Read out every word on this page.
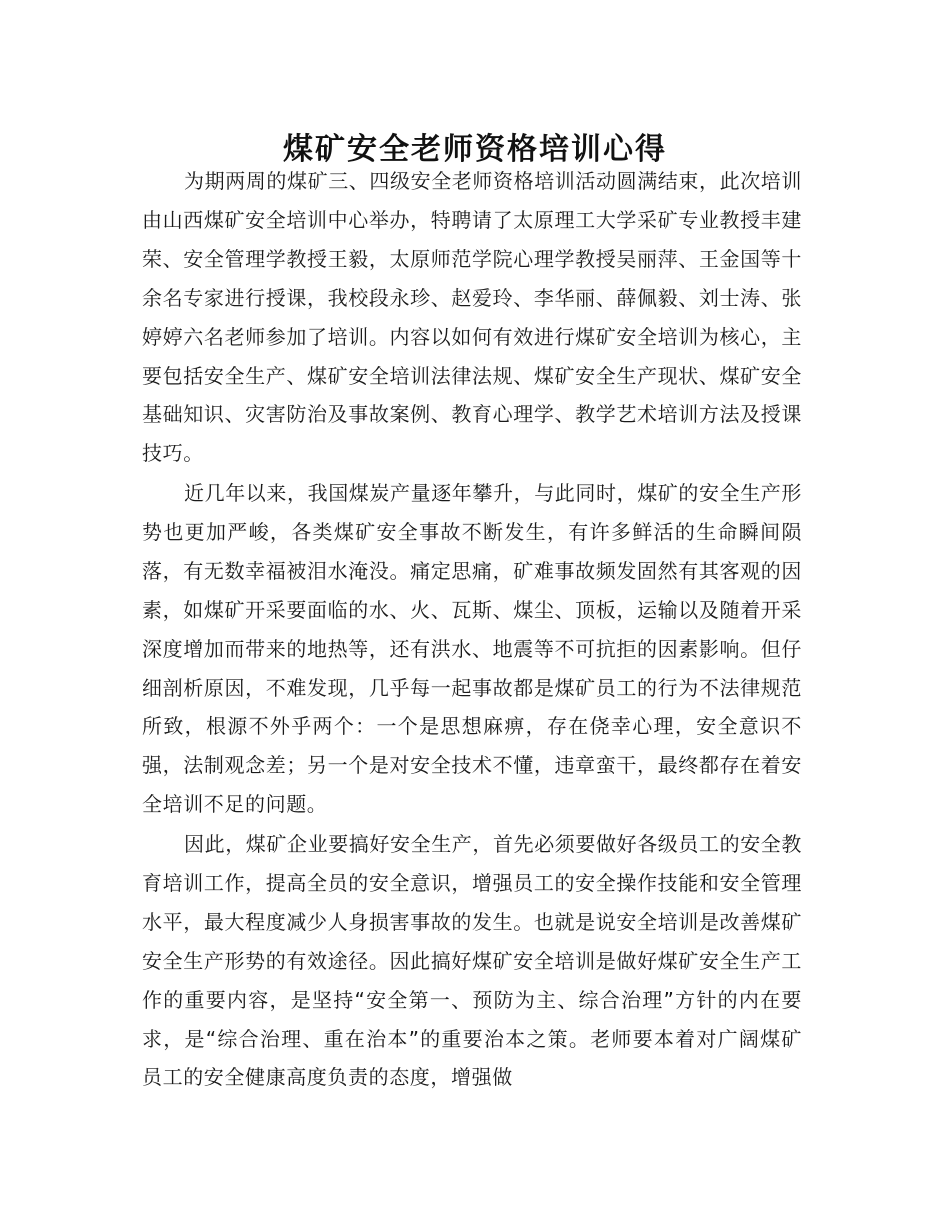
煤矿安全老师资格培训心得

为期两周的煤矿三、四级安全老师资格培训活动圆满结束，此次培训由山西煤矿安全培训中心举办，特聘请了太原理工大学采矿专业教授丰建荣、安全管理学教授王毅，太原师范学院心理学教授吴丽萍、王金国等十余名专家进行授课，我校段永珍、赵爱玲、李华丽、薛佩毅、刘士涛、张婷婷六名老师参加了培训。内容以如何有效进行煤矿安全培训为核心，主要包括安全生产、煤矿安全培训法律法规、煤矿安全生产现状、煤矿安全基础知识、灾害防治及事故案例、教育心理学、教学艺术培训方法及授课技巧。

近几年以来，我国煤炭产量逐年攀升，与此同时，煤矿的安全生产形势也更加严峻，各类煤矿安全事故不断发生，有许多鲜活的生命瞬间陨落，有无数幸福被泪水淹没。痛定思痛，矿难事故频发固然有其客观的因素，如煤矿开采要面临的水、火、瓦斯、煤尘、顶板，运输以及随着开采深度增加而带来的地热等，还有洪水、地震等不可抗拒的因素影响。但仔细剖析原因，不难发现，几乎每一起事故都是煤矿员工的行为不法律规范所致，根源不外乎两个：一个是思想麻痹，存在侥幸心理，安全意识不强，法制观念差；另一个是对安全技术不懂，违章蛮干，最终都存在着安全培训不足的问题。

因此，煤矿企业要搞好安全生产，首先必须要做好各级员工的安全教育培训工作，提高全员的安全意识，增强员工的安全操作技能和安全管理水平，最大程度减少人身损害事故的发生。也就是说安全培训是改善煤矿安全生产形势的有效途径。因此搞好煤矿安全培训是做好煤矿安全生产工作的重要内容，是坚持“安全第一、预防为主、综合治理”方针的内在要求，是“综合治理、重在治本”的重要治本之策。老师要本着对广阔煤矿员工的安全健康高度负责的态度，增强做
